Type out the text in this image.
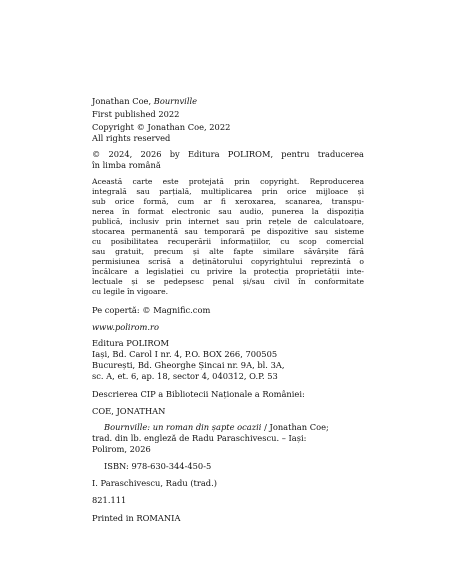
Jonathan Coe, Bournville
First published 2022
Copyright © Jonathan Coe, 2022
All rights reserved
© 2024, 2026 by Editura POLIROM, pentru traducerea
în limba română
Această carte este protejată prin copyright. Reproducerea
integrală sau parțială, multiplicarea prin orice mijloace și
sub orice formă, cum ar fi xeroxarea, scanarea, transpu-
nerea în format electronic sau audio, punerea la dispoziția
publică, inclusiv prin internet sau prin rețele de calculatoare,
stocarea permanentă sau temporară pe dispozitive sau sisteme
cu posibilitatea recuperării informațiilor, cu scop comercial
sau gratuit, precum și alte fapte similare săvârșite fără
permisiunea scrisă a deținătorului copyrightului reprezintă o
încălcare a legislației cu privire la protecția proprietății inte-
lectuale și se pedepsesc penal și/sau civil în conformitate
cu legile în vigoare.
Pe copertă: © Magnific.com
www.polirom.ro
Editura POLIROM
Iași, Bd. Carol I nr. 4, P.O. BOX 266, 700505
București, Bd. Gheorghe Șincai nr. 9A, bl. 3A,
sc. A, et. 6, ap. 18, sector 4, 040312, O.P. 53
Descrierea CIP a Bibliotecii Naționale a României:
COE, JONATHAN
Bournville: un roman din șapte ocazii / Jonathan Coe;
trad. din lb. engleză de Radu Paraschivescu. – Iași:
Polirom, 2026
ISBN: 978-630-344-450-5
I. Paraschivescu, Radu (trad.)
821.111
Printed in ROMANIA
